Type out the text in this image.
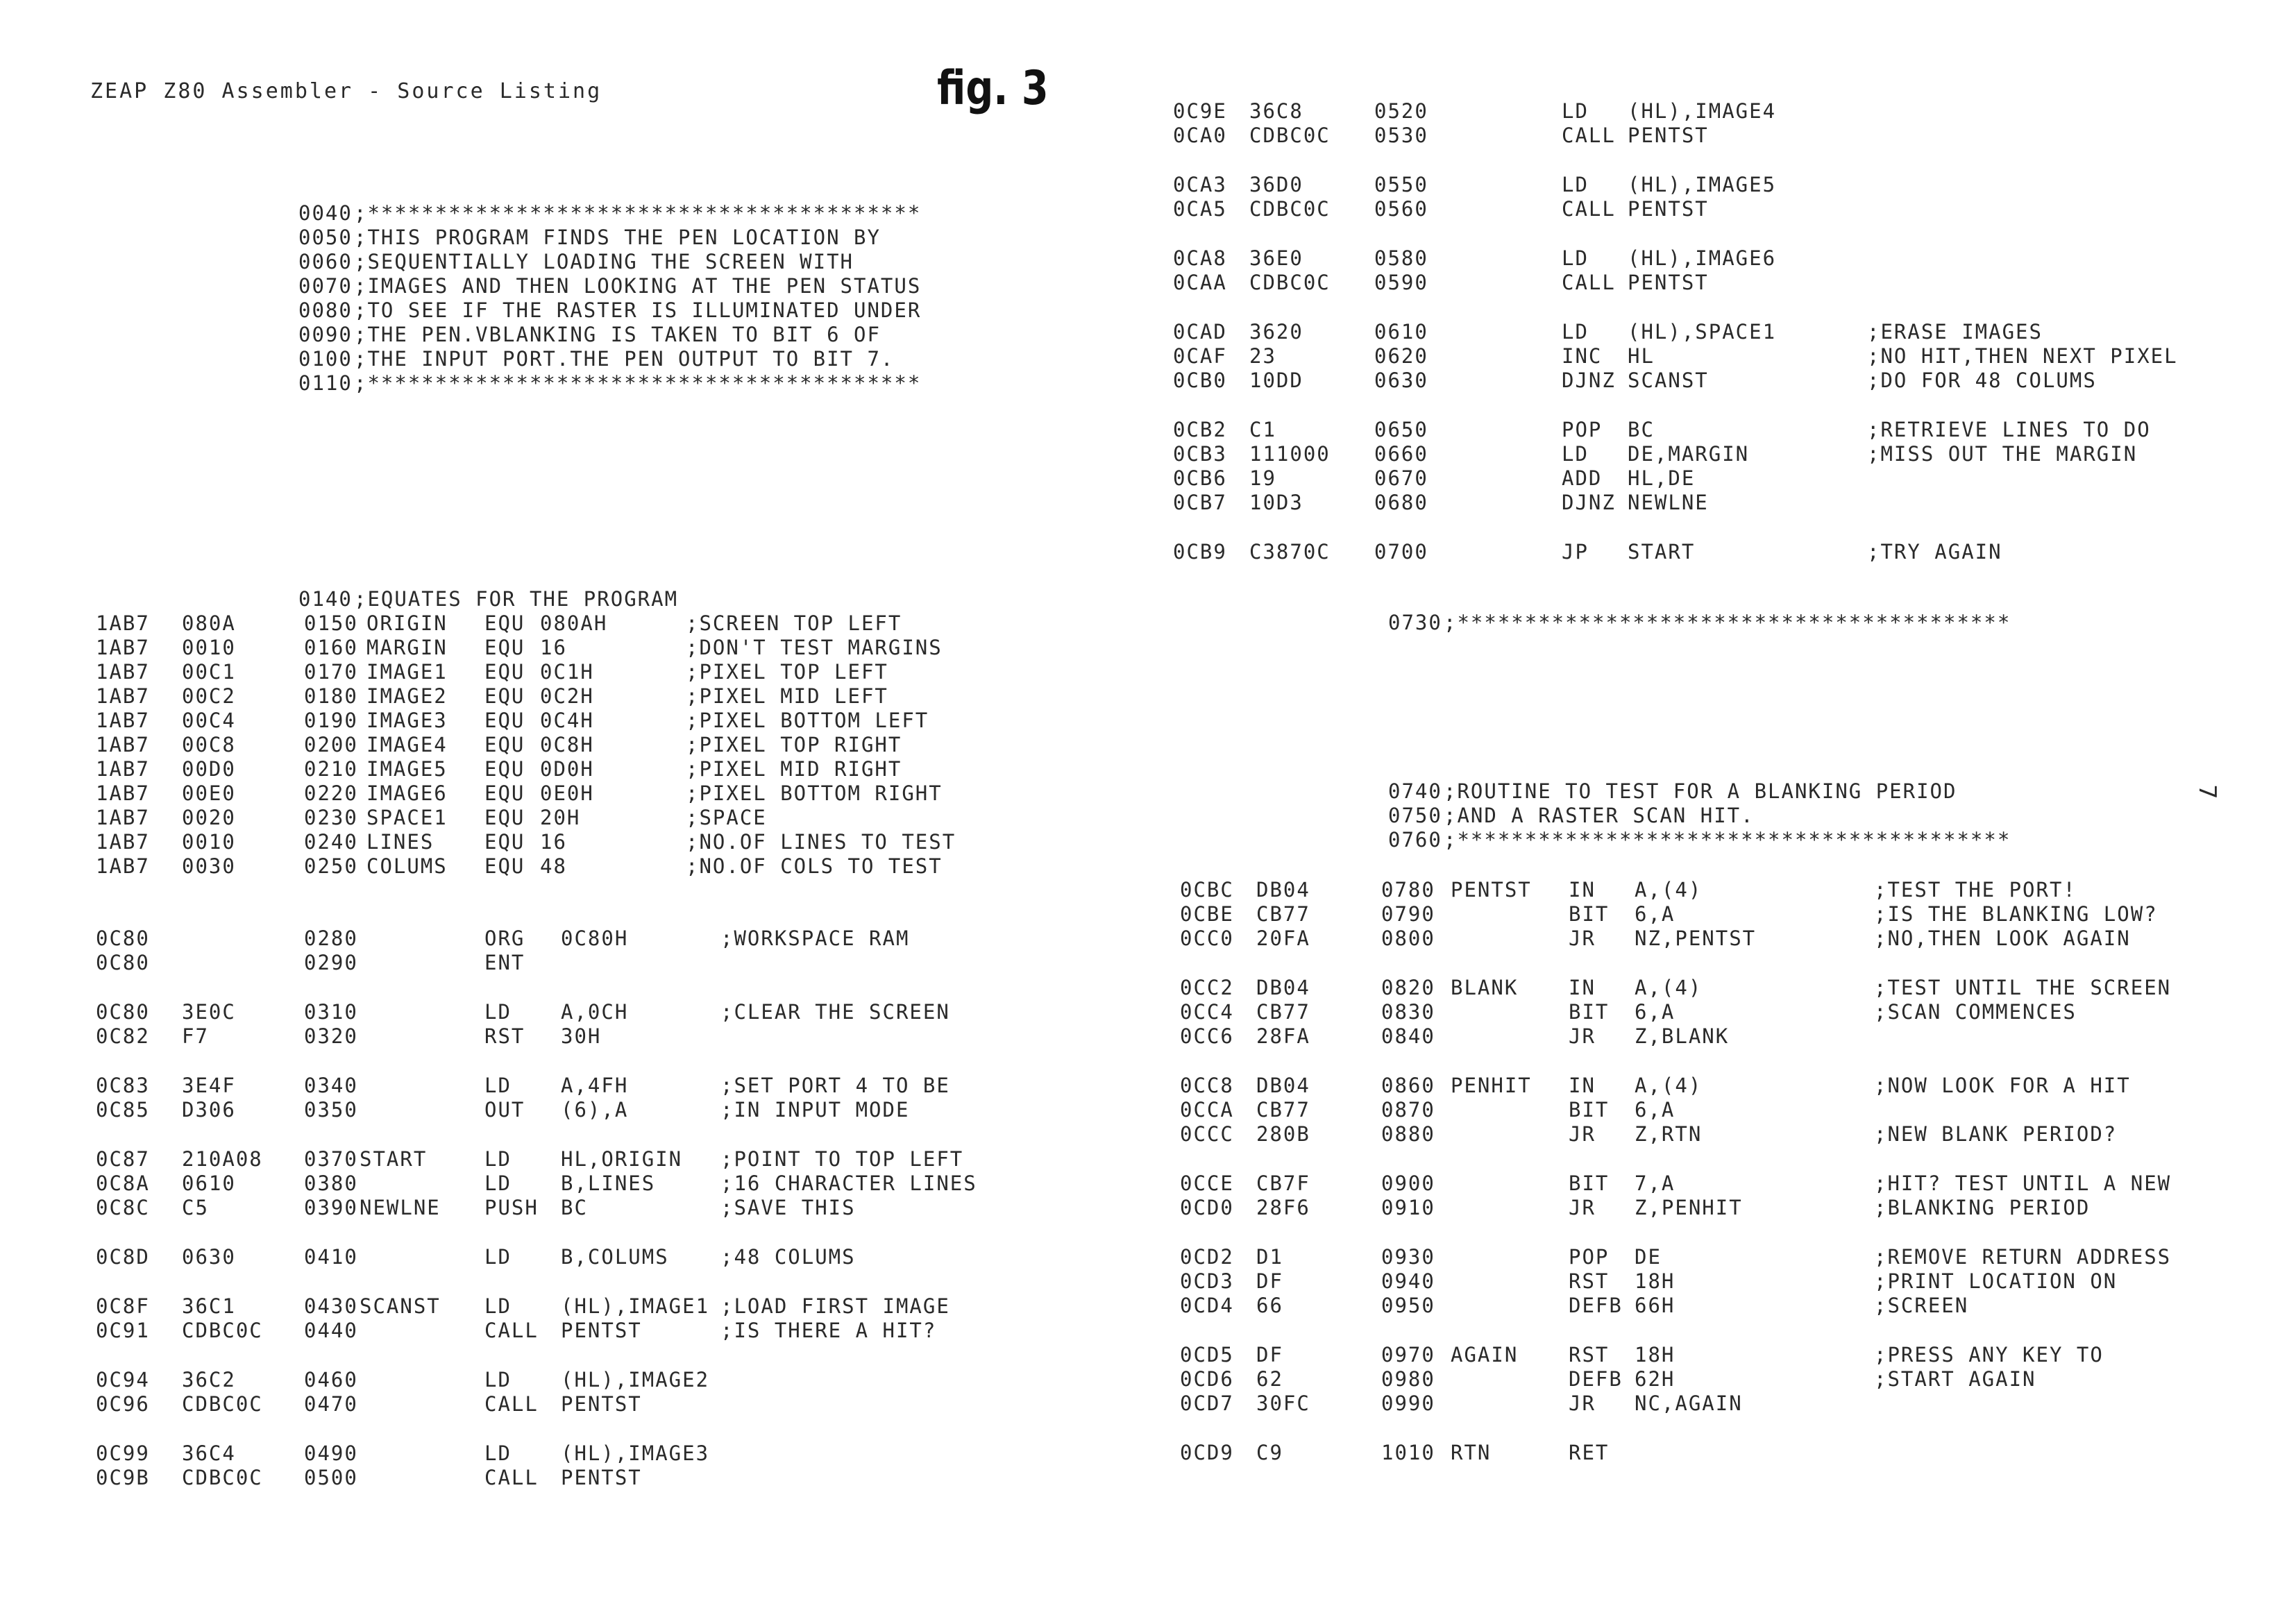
ZEAP Z80 Assembler - Source Listing	fig. 3
7
0040 ;*****************************************
0050 ;THIS PROGRAM FINDS THE PEN LOCATION BY
0060 ;SEQUENTIALLY LOADING THE SCREEN WITH
0070 ;IMAGES AND THEN LOOKING AT THE PEN STATUS
0080 ;TO SEE IF THE RASTER IS ILLUMINATED UNDER
0090 ;THE PEN.VBLANKING IS TAKEN TO BIT 6 OF
0100 ;THE INPUT PORT.THE PEN OUTPUT TO BIT 7.
0110 ;*****************************************
0140 ;EQUATES FOR THE PROGRAM
1AB7 080A	0150 ORIGIN EQU 080AH	;SCREEN TOP LEFT
1AB7 0010	0160 MARGIN EQU 16	;DON'T TEST MARGINS
1AB7 00C1	0170 IMAGE1 EQU 0C1H	;PIXEL TOP LEFT
1AB7 00C2	0180 IMAGE2 EQU 0C2H	;PIXEL MID LEFT
1AB7 00C4	0190 IMAGE3 EQU 0C4H	;PIXEL BOTTOM LEFT
1AB7 00C8	0200 IMAGE4 EQU 0C8H	;PIXEL TOP RIGHT
1AB7 00D0	0210 IMAGE5 EQU 0D0H	;PIXEL MID RIGHT
1AB7 00E0	0220 IMAGE6 EQU 0E0H	;PIXEL BOTTOM RIGHT
1AB7 0020	0230 SPACE1 EQU 20H	;SPACE
1AB7 0010	0240 LINES	EQU 16	;NO.OF LINES TO TEST
1AB7 0030	0250 COLUMS EQU 48	;NO.OF COLS TO TEST
0C80	0280	ORG 0C80H	;WORKSPACE RAM
0C80	0290	ENT
0C80 3E0C	0310	LD A,0CH	;CLEAR THE SCREEN
0C82 F7	0320	RST 30H
0C83 3E4F	0340	LD A,4FH	;SET PORT 4 TO BE
0C85 D306	0350	OUT (6),A	;IN INPUT MODE
0C87 210A08 0370 START	LD HL,ORIGIN ;POINT TO TOP LEFT
0C8A 0610	0380	LD B,LINES	;16 CHARACTER LINES
0C8C C5	0390 NEWLNE PUSH BC	;SAVE THIS
0C8D 0630	0410	LD B,COLUMS	;48 COLUMS
0C8F 36C1	0430 SCANST LD (HL),IMAGE1 ;LOAD FIRST IMAGE
0C91 CDBC0C 0440	CALL PENTST	;IS THERE A HIT?
0C94 36C2	0460	LD (HL),IMAGE2
0C96 CDBC0C 0470	CALL PENTST
0C99 36C4	0490	LD (HL),IMAGE3
0C9B CDBC0C 0500	CALL PENTST
0C9E 36C8	0520	LD (HL),IMAGE4
0CA0 CDBC0C 0530	CALL PENTST
0CA3 36D0	0550	LD (HL),IMAGE5
0CA5 CDBC0C 0560	CALL PENTST
0CA8 36E0	0580	LD (HL),IMAGE6
0CAA CDBC0C 0590	CALL PENTST
0CAD 3620	0610	LD (HL),SPACE1	;ERASE IMAGES
0CAF 23	0620	INC HL	;NO HIT,THEN NEXT PIXEL
0CB0 10DD	0630	DJNZ SCANST	;DO FOR 48 COLUMS
0CB2 C1	0650	POP BC	;RETRIEVE LINES TO DO
0CB3 111000 0660	LD DE,MARGIN	;MISS OUT THE MARGIN
0CB6 19	0670	ADD HL,DE
0CB7 10D3	0680	DJNZ NEWLNE
0CB9 C3870C 0700	JP START	;TRY AGAIN
0730 ;*****************************************
0740 ;ROUTINE TO TEST FOR A BLANKING PERIOD
0750 ;AND A RASTER SCAN HIT.
0760 ;*****************************************
0CBC DB04	0780 PENTST IN A,(4)	;TEST THE PORT!
0CBE CB77	0790	BIT 6,A	;IS THE BLANKING LOW?
0CC0 20FA	0800	JR NZ,PENTST	;NO,THEN LOOK AGAIN
0CC2 DB04	0820 BLANK	IN A,(4)	;TEST UNTIL THE SCREEN
0CC4 CB77	0830	BIT 6,A	;SCAN COMMENCES
0CC6 28FA	0840	JR Z,BLANK
0CC8 DB04	0860 PENHIT IN A,(4)	;NOW LOOK FOR A HIT
0CCA CB77	0870	BIT 6,A
0CCC 280B	0880	JR Z,RTN	;NEW BLANK PERIOD?
0CCE CB7F	0900	BIT 7,A	;HIT? TEST UNTIL A NEW
0CD0 28F6	0910	JR Z,PENHIT	;BLANKING PERIOD
0CD2 D1	0930	POP DE	;REMOVE RETURN ADDRESS
0CD3 DF	0940	RST 18H	;PRINT LOCATION ON
0CD4 66	0950	DEFB 66H	;SCREEN
0CD5 DF	0970 AGAIN	RST 18H	;PRESS ANY KEY TO
0CD6 62	0980	DEFB 62H	;START AGAIN
0CD7 30FC	0990	JR NC,AGAIN
0CD9 C9	1010 RTN	RET
